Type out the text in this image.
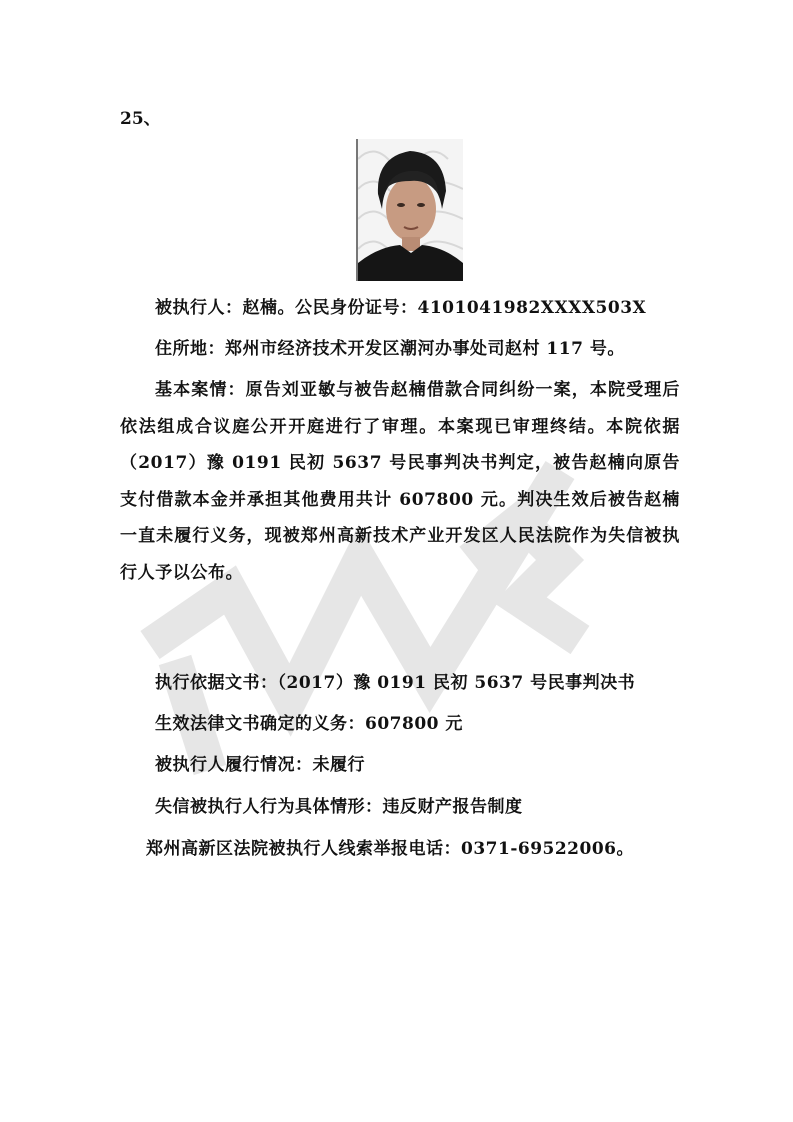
25、
被执行人：赵楠。公民身份证号：4101041982XXXX503X
住所地：郑州市经济技术开发区潮河办事处司赵村 117 号。

基本案情：原告刘亚敏与被告赵楠借款合同纠纷一案，本院受理后依法组成合议庭公开开庭进行了审理。本案现已审理终结。本院依据（2017）豫 0191 民初 5637 号民事判决书判定，被告赵楠向原告支付借款本金并承担其他费用共计 607800 元。判决生效后被告赵楠一直未履行义务，现被郑州高新技术产业开发区人民法院作为失信被执行人予以公布。

执行依据文书：（2017）豫 0191 民初 5637 号民事判决书
生效法律文书确定的义务：607800 元
被执行人履行情况：未履行
失信被执行人行为具体情形：违反财产报告制度
郑州高新区法院被执行人线索举报电话：0371-69522006。
